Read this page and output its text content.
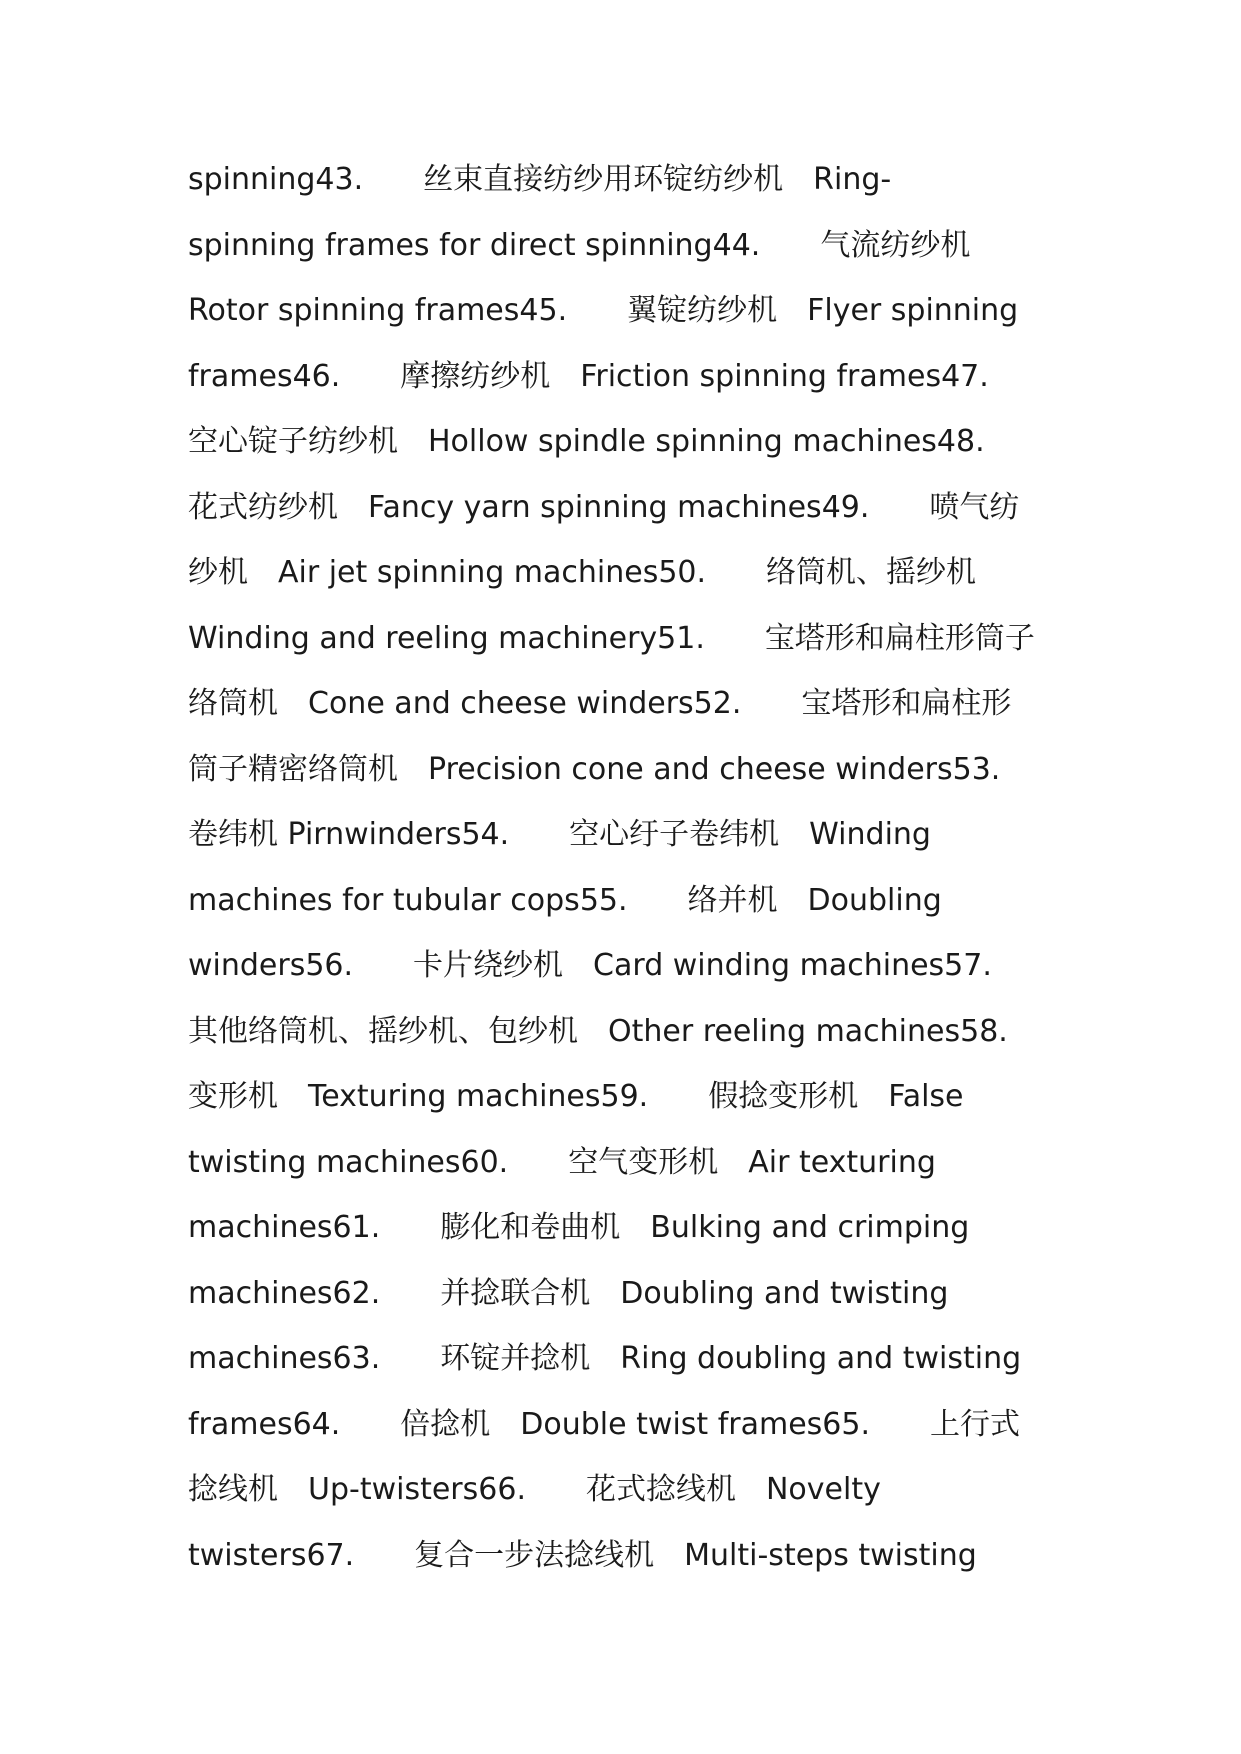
spinning43.　　丝束直接纺纱用环锭纺纱机　Ring-
spinning frames for direct spinning44.　　气流纺纱机
Rotor spinning frames45.　　翼锭纺纱机　Flyer spinning
frames46.　　摩擦纺纱机　Friction spinning frames47.
空心锭子纺纱机　Hollow spindle spinning machines48.
花式纺纱机　Fancy yarn spinning machines49.　　喷气纺
纱机　Air jet spinning machines50.　　络筒机、摇纱机
Winding and reeling machinery51.　　宝塔形和扁柱形筒子
络筒机　Cone and cheese winders52.　　宝塔形和扁柱形
筒子精密络筒机　Precision cone and cheese winders53.
卷纬机 Pirnwinders54.　　空心纡子卷纬机　Winding
machines for tubular cops55.　　络并机　Doubling
winders56.　　卡片绕纱机　Card winding machines57.
其他络筒机、摇纱机、包纱机　Other reeling machines58.
变形机　Texturing machines59.　　假捻变形机　False
twisting machines60.　　空气变形机　Air texturing
machines61.　　膨化和卷曲机　Bulking and crimping
machines62.　　并捻联合机　Doubling and twisting
machines63.　　环锭并捻机　Ring doubling and twisting
frames64.　　倍捻机　Double twist frames65.　　上行式
捻线机　Up-twisters66.　　花式捻线机　Novelty
twisters67.　　复合一步法捻线机　Multi-steps twisting
